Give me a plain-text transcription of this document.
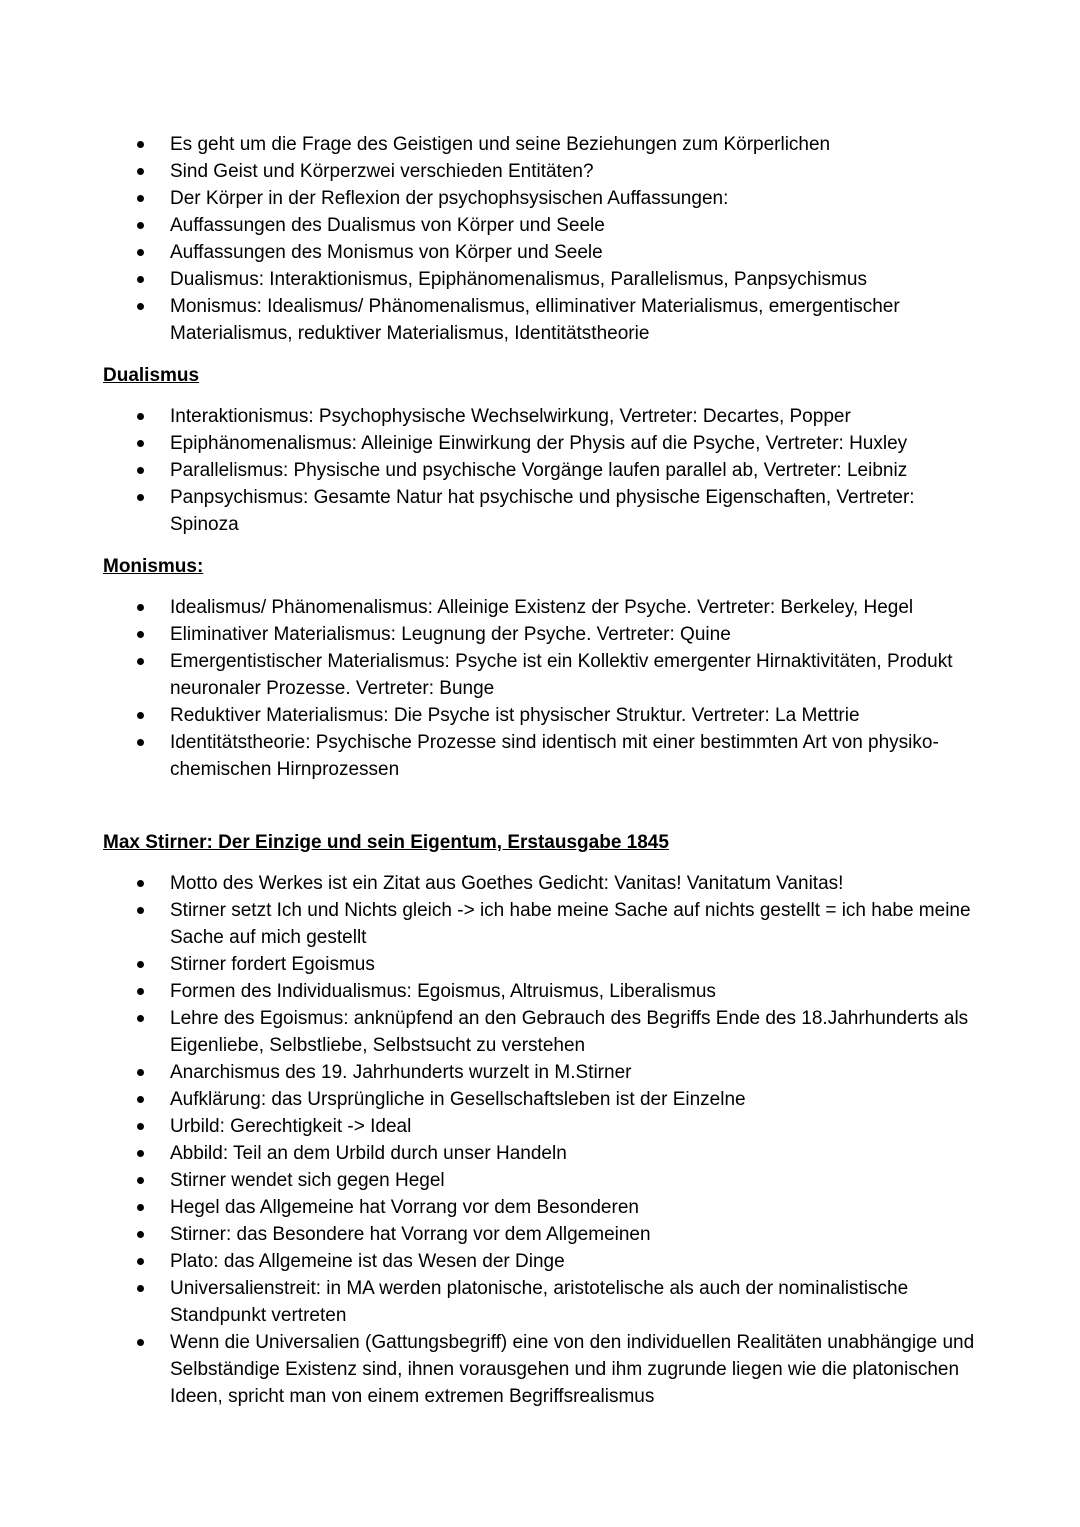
Es geht um die Frage des Geistigen und seine Beziehungen zum Körperlichen
Sind Geist und Körperzwei verschieden Entitäten?
Der Körper in der Reflexion der psychophsysischen Auffassungen:
Auffassungen des Dualismus von Körper und Seele
Auffassungen des Monismus von Körper und Seele
Dualismus: Interaktionismus, Epiphänomenalismus, Parallelismus, Panpsychismus
Monismus: Idealismus/ Phänomenalismus, elliminativer Materialismus, emergentischer Materialismus, reduktiver Materialismus, Identitätstheorie
Dualismus
Interaktionismus: Psychophysische Wechselwirkung, Vertreter: Decartes, Popper
Epiphänomenalismus: Alleinige Einwirkung der Physis auf die Psyche, Vertreter: Huxley
Parallelismus: Physische und psychische Vorgänge laufen parallel ab, Vertreter: Leibniz
Panpsychismus: Gesamte Natur hat psychische und physische Eigenschaften, Vertreter: Spinoza
Monismus:
Idealismus/ Phänomenalismus: Alleinige Existenz der Psyche. Vertreter: Berkeley, Hegel
Eliminativer Materialismus: Leugnung der Psyche. Vertreter: Quine
Emergentistischer Materialismus: Psyche ist ein Kollektiv emergenter Hirnaktivitäten, Produkt neuronaler Prozesse. Vertreter: Bunge
Reduktiver Materialismus: Die Psyche ist physischer Struktur. Vertreter: La Mettrie
Identitätstheorie: Psychische Prozesse sind identisch mit einer bestimmten Art von physiko-chemischen Hirnprozessen
Max Stirner: Der Einzige und sein Eigentum, Erstausgabe 1845
Motto des Werkes ist ein Zitat aus Goethes Gedicht: Vanitas! Vanitatum Vanitas!
Stirner setzt Ich und Nichts gleich -> ich habe meine Sache auf nichts gestellt = ich habe meine Sache auf mich gestellt
Stirner fordert Egoismus
Formen des Individualismus: Egoismus, Altruismus, Liberalismus
Lehre des Egoismus: anknüpfend an den Gebrauch des Begriffs Ende des 18.Jahrhunderts als Eigenliebe, Selbstliebe, Selbstsucht zu verstehen
Anarchismus des 19. Jahrhunderts wurzelt in M.Stirner
Aufklärung: das Ursprüngliche in Gesellschaftsleben ist der Einzelne
Urbild: Gerechtigkeit -> Ideal
Abbild: Teil an dem Urbild durch unser Handeln
Stirner wendet sich gegen Hegel
Hegel das Allgemeine hat Vorrang vor dem Besonderen
Stirner: das Besondere hat Vorrang vor dem Allgemeinen
Plato: das Allgemeine ist das Wesen der Dinge
Universalienstreit: in MA werden platonische, aristotelische als auch der nominalistische Standpunkt vertreten
Wenn die Universalien (Gattungsbegriff) eine von den individuellen Realitäten unabhängige und Selbständige Existenz sind, ihnen vorausgehen und ihm zugrunde liegen wie die platonischen Ideen, spricht man von einem extremen Begriffsrealismus
